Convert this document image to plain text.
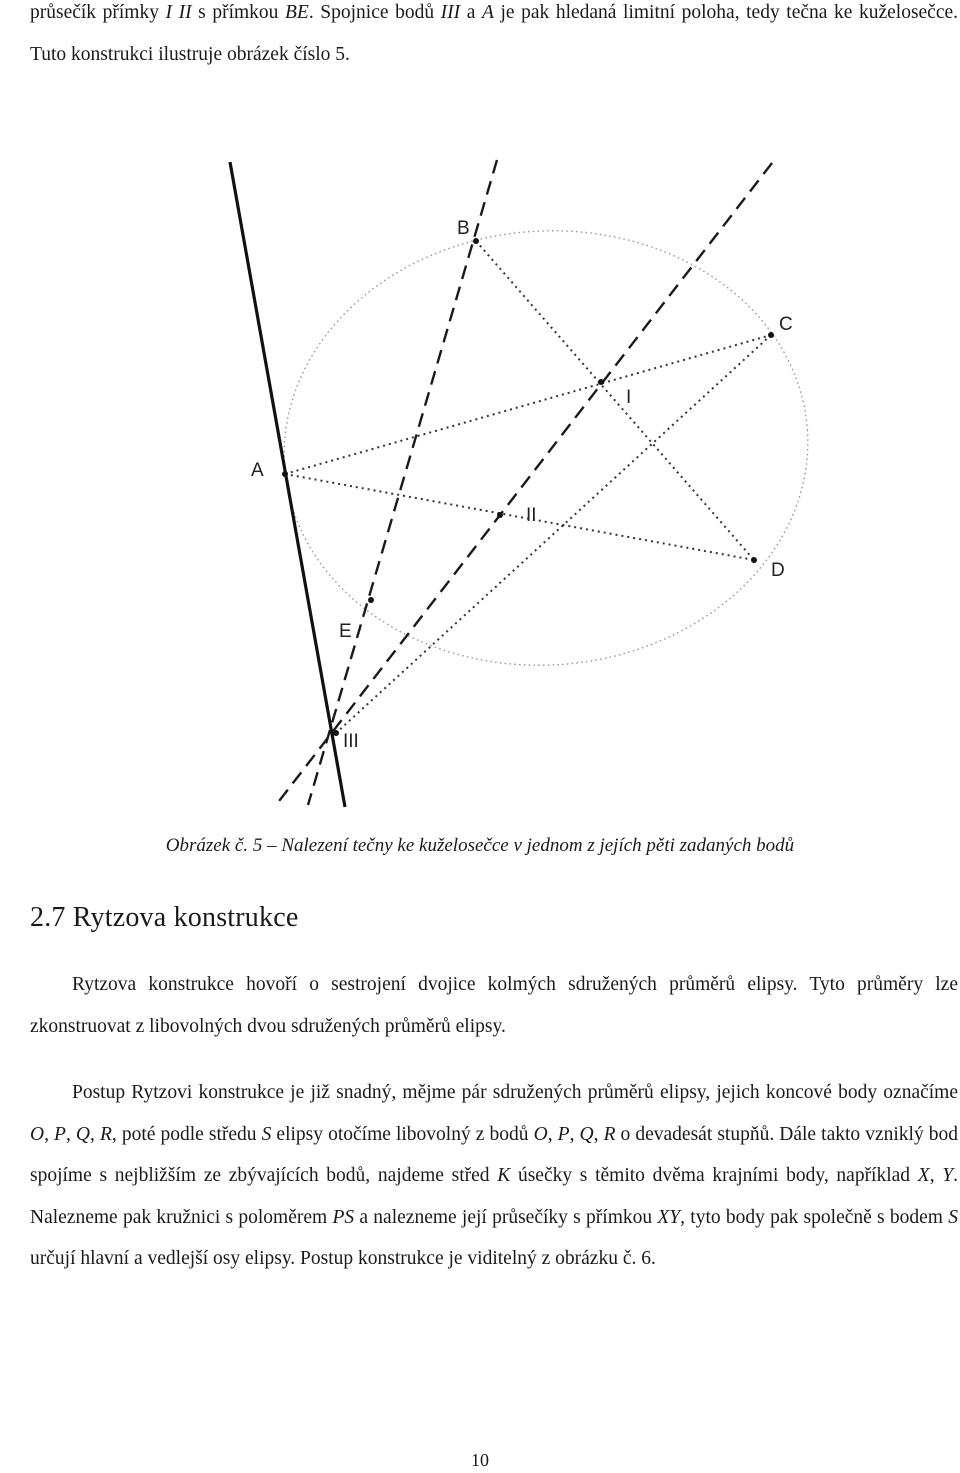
průsečík přímky I II s přímkou BE. Spojnice bodů III a A je pak hledaná limitní poloha, tedy tečna ke kuželosečce. Tuto konstrukci ilustruje obrázek číslo 5.

A
B
C
D
E
I
II
III
Obrázek č. 5 – Nalezení tečny ke kuželosečce v jednom z jejích pěti zadaných bodů
2.7 Rytzova konstrukce

Rytzova konstrukce hovoří o sestrojení dvojice kolmých sdružených průměrů elipsy. Tyto průměry lze zkonstruovat z libovolných dvou sdružených průměrů elipsy.

Postup Rytzovi konstrukce je již snadný, mějme pár sdružených průměrů elipsy, jejich koncové body označíme O, P, Q, R, poté podle středu S elipsy otočíme libovolný z bodů O, P, Q, R o devadesát stupňů. Dále takto vzniklý bod spojíme s nejbližším ze zbývajících bodů, najdeme střed K úsečky s těmito dvěma krajními body, například X, Y. Nalezneme pak kružnici s poloměrem PS a nalezneme její průsečíky s přímkou XY, tyto body pak společně s bodem S určují hlavní a vedlejší osy elipsy. Postup konstrukce je viditelný z obrázku č. 6.

10
